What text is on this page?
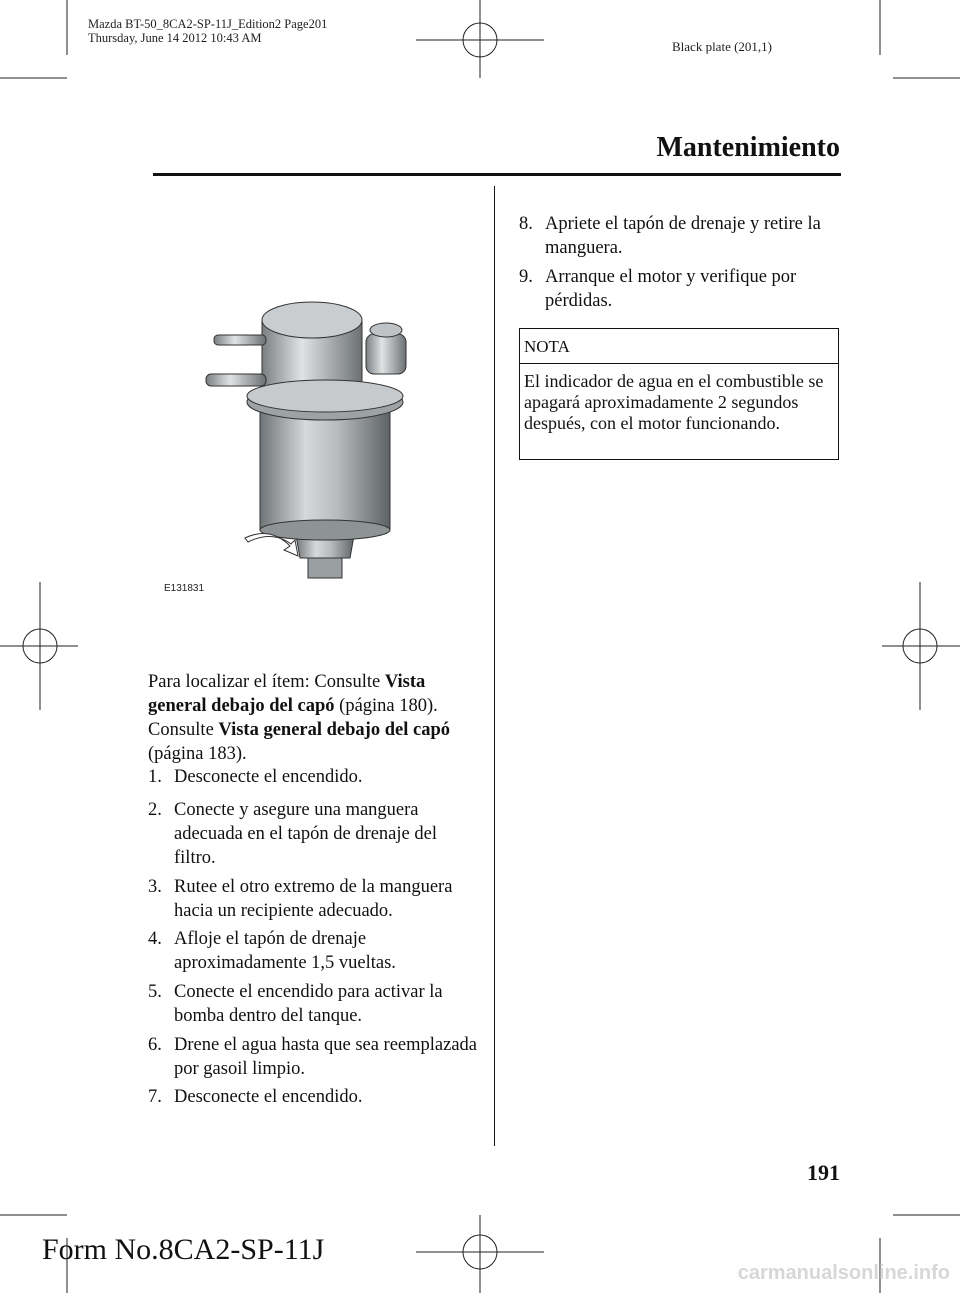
Mazda BT-50_8CA2-SP-11J_Edition2 Page201
Thursday, June 14 2012 10:43 AM
Black plate (201,1)
Mantenimiento
E131831
Para localizar el ítem: Consulte Vista general debajo del capó (página 180).
Consulte Vista general debajo del capó
(página 183).
1. Desconecte el encendido.
2. Conecte y asegure una manguera adecuada en el tapón de drenaje del filtro.
3. Rutee el otro extremo de la manguera hacia un recipiente adecuado.
4. Afloje el tapón de drenaje aproximadamente 1,5 vueltas.
5. Conecte el encendido para activar la bomba dentro del tanque.
6. Drene el agua hasta que sea reemplazada por gasoil limpio.
7. Desconecte el encendido.
8. Apriete el tapón de drenaje y retire la manguera.
9. Arranque el motor y verifique por pérdidas.
NOTA
El indicador de agua en el combustible se apagará aproximadamente 2 segundos después, con el motor funcionando.
191
Form No.8CA2-SP-11J
carmanualsonline.info
